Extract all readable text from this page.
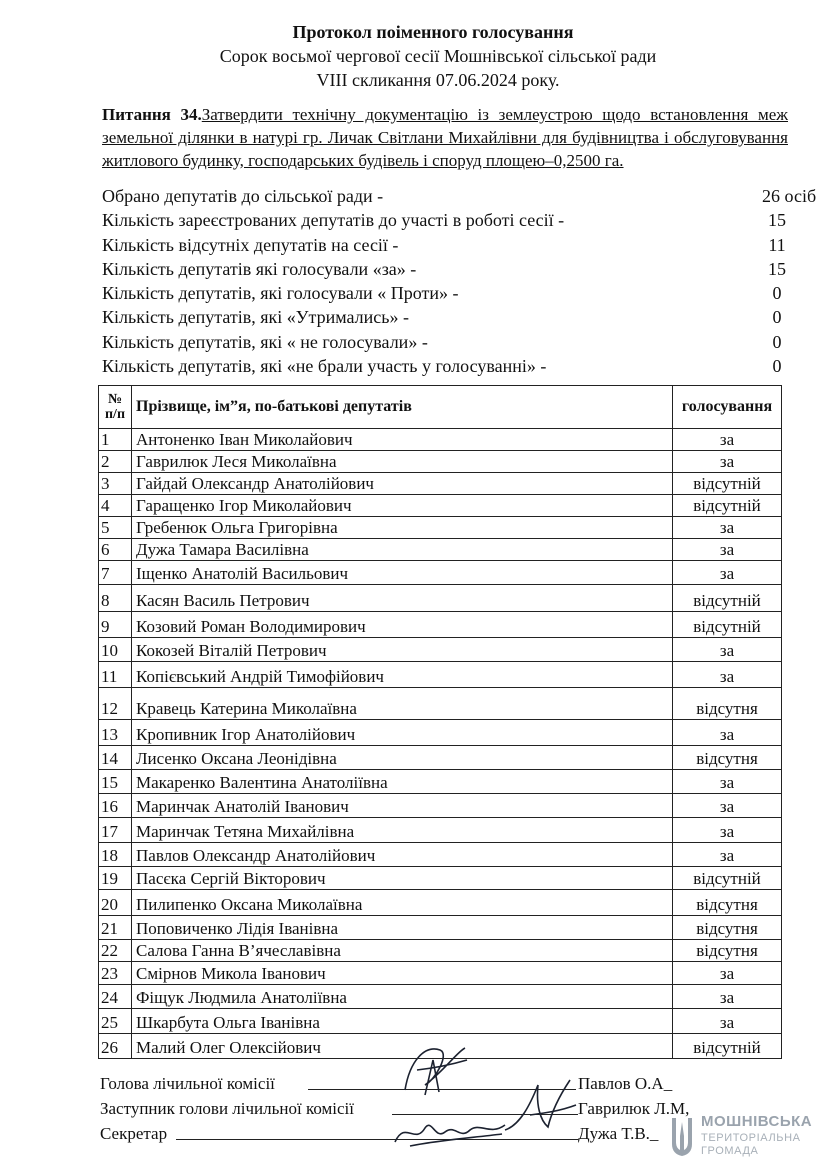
Протокол поіменного голосування
Сорок восьмої чергової сесії Мошнівської сільської ради
VIII скликання 07.06.2024 року.
Питання 34.Затвердити технічну документацію із землеустрою щодо встановлення меж земельної ділянки в натурі гр. Личак Світлани Михайлівни для будівництва і обслуговування житлового будинку, господарських будівель і споруд площею–0,2500 га.
Обрано депутатів до сільської ради -	26 осіб
Кількість зареєстрованих депутатів до участі в роботі сесії -	15
Кількість відсутніх депутатів на сесії -	11
Кількість депутатів які голосували «за» -	15
Кількість депутатів, які голосували « Проти» -	0
Кількість депутатів, які «Утримались» -	0
Кількість депутатів, які « не голосували» -	0
Кількість депутатів, які «не брали участь у голосуванні» -	0
№
п/п	Прізвище, ім”я, по-батькові депутатів	голосування
1	Антоненко Іван Миколайович	за
2	Гаврилюк Леся Миколаївна	за
3	Гайдай Олександр Анатолійович	відсутній
4	Гаращенко Ігор Миколайович	відсутній
5	Гребенюк Ольга Григорівна	за
6	Дужа Тамара Василівна	за
7	Іщенко Анатолій Васильович	за
8	Касян Василь Петрович	відсутній
9	Козовий Роман Володимирович	відсутній
10	Кокозей Віталій Петрович	за
11	Копієвський Андрій Тимофійович	за
12	Кравець Катерина Миколаївна	відсутня
13	Кропивник Ігор Анатолійович	за
14	Лисенко Оксана Леонідівна	відсутня
15	Макаренко Валентина Анатоліївна	за
16	Маринчак Анатолій Іванович	за
17	Маринчак Тетяна Михайлівна	за
18	Павлов Олександр Анатолійович	за
19	Пасєка Сергій Вікторович	відсутній
20	Пилипенко Оксана Миколаївна	відсутня
21	Поповиченко Лідія Іванівна	відсутня
22	Салова Ганна В’ячеславівна	відсутня
23	Смірнов Микола Іванович	за
24	Фіщук Людмила Анатоліївна	за
25	Шкарбута Ольга Іванівна	за
26	Малий Олег Олексійович	відсутній
Голова лічильної комісії	Павлов О.А_
Заступник голови лічильної комісії	Гаврилюк Л.М,
Секретар	Дужа Т.В._
МОШНІВСЬКА
ТЕРИТОРІАЛЬНА
ГРОМАДА
